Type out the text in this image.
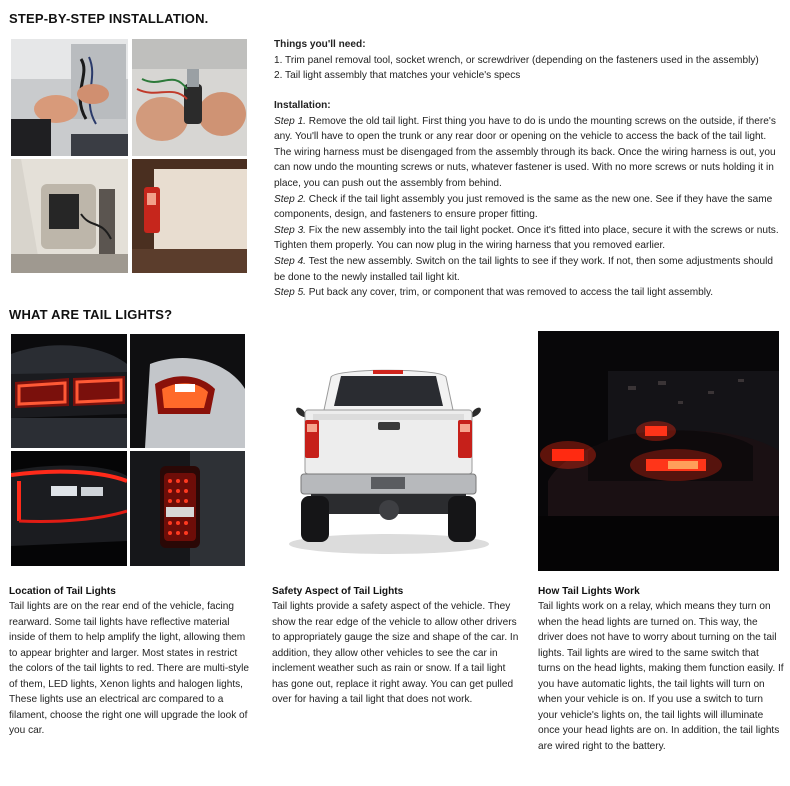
STEP-BY-STEP INSTALLATION.
WHAT ARE TAIL LIGHTS?
Things you'll need:
1. Trim panel removal tool, socket wrench, or screwdriver (depending on the fasteners used in the assembly)
2. Tail light assembly that matches your vehicle's specs
Installation:
Step 1. Remove the old tail light. First thing you have to do is undo the mounting screws on the outside, if there's any. You'll have to open the trunk or any rear door or opening on the vehicle to access the back of the tail light. The wiring harness must be disengaged from the assembly through its back. Once the wiring harness is out, you can now undo the mounting screws or nuts, whatever fastener is used. With no more screws or nuts holding it in place, you can push out the assembly from behind.
Step 2. Check if the tail light assembly you just removed is the same as the new one. See if they have the same components, design, and fasteners to ensure proper fitting.
Step 3. Fix the new assembly into the tail light pocket. Once it's fitted into place, secure it with the screws or nuts. Tighten them properly. You can now plug in the wiring harness that you removed earlier.
Step 4. Test the new assembly. Switch on the tail lights to see if they work. If not, then some adjustments should be done to the newly installed tail light kit.
Step 5. Put back any cover, trim, or component that was removed to access the tail light assembly.
Location of Tail Lights

Tail lights are on the rear end of the vehicle, facing rearward. Some tail lights have reflective material inside of them to help amplify the light, allowing them to appear brighter and larger. Most states in restrict the colors of the tail lights to red. There are multi-style of them, LED lights, Xenon lights and halogen lights, These lights use an electrical arc compared to a filament, choose the right one will upgrade the look of you car.

Safety Aspect of Tail Lights

Tail lights provide a safety aspect of the vehicle. They show the rear edge of the vehicle to allow other drivers to appropriately gauge the size and shape of the car. In addition, they allow other vehicles to see the car in inclement weather such as rain or snow. If a tail light has gone out, replace it right away. You can get pulled over for having a tail light that does not work.

How Tail Lights Work

Tail lights work on a relay, which means they turn on when the head lights are turned on. This way, the driver does not have to worry about turning on the tail lights. Tail lights are wired to the same switch that turns on the head lights, making them function easily. If you have automatic lights, the tail lights will turn on when your vehicle is on. If you use a switch to turn your vehicle's lights on, the tail lights will illuminate once your head lights are on. In addition, the tail lights are wired right to the battery.
